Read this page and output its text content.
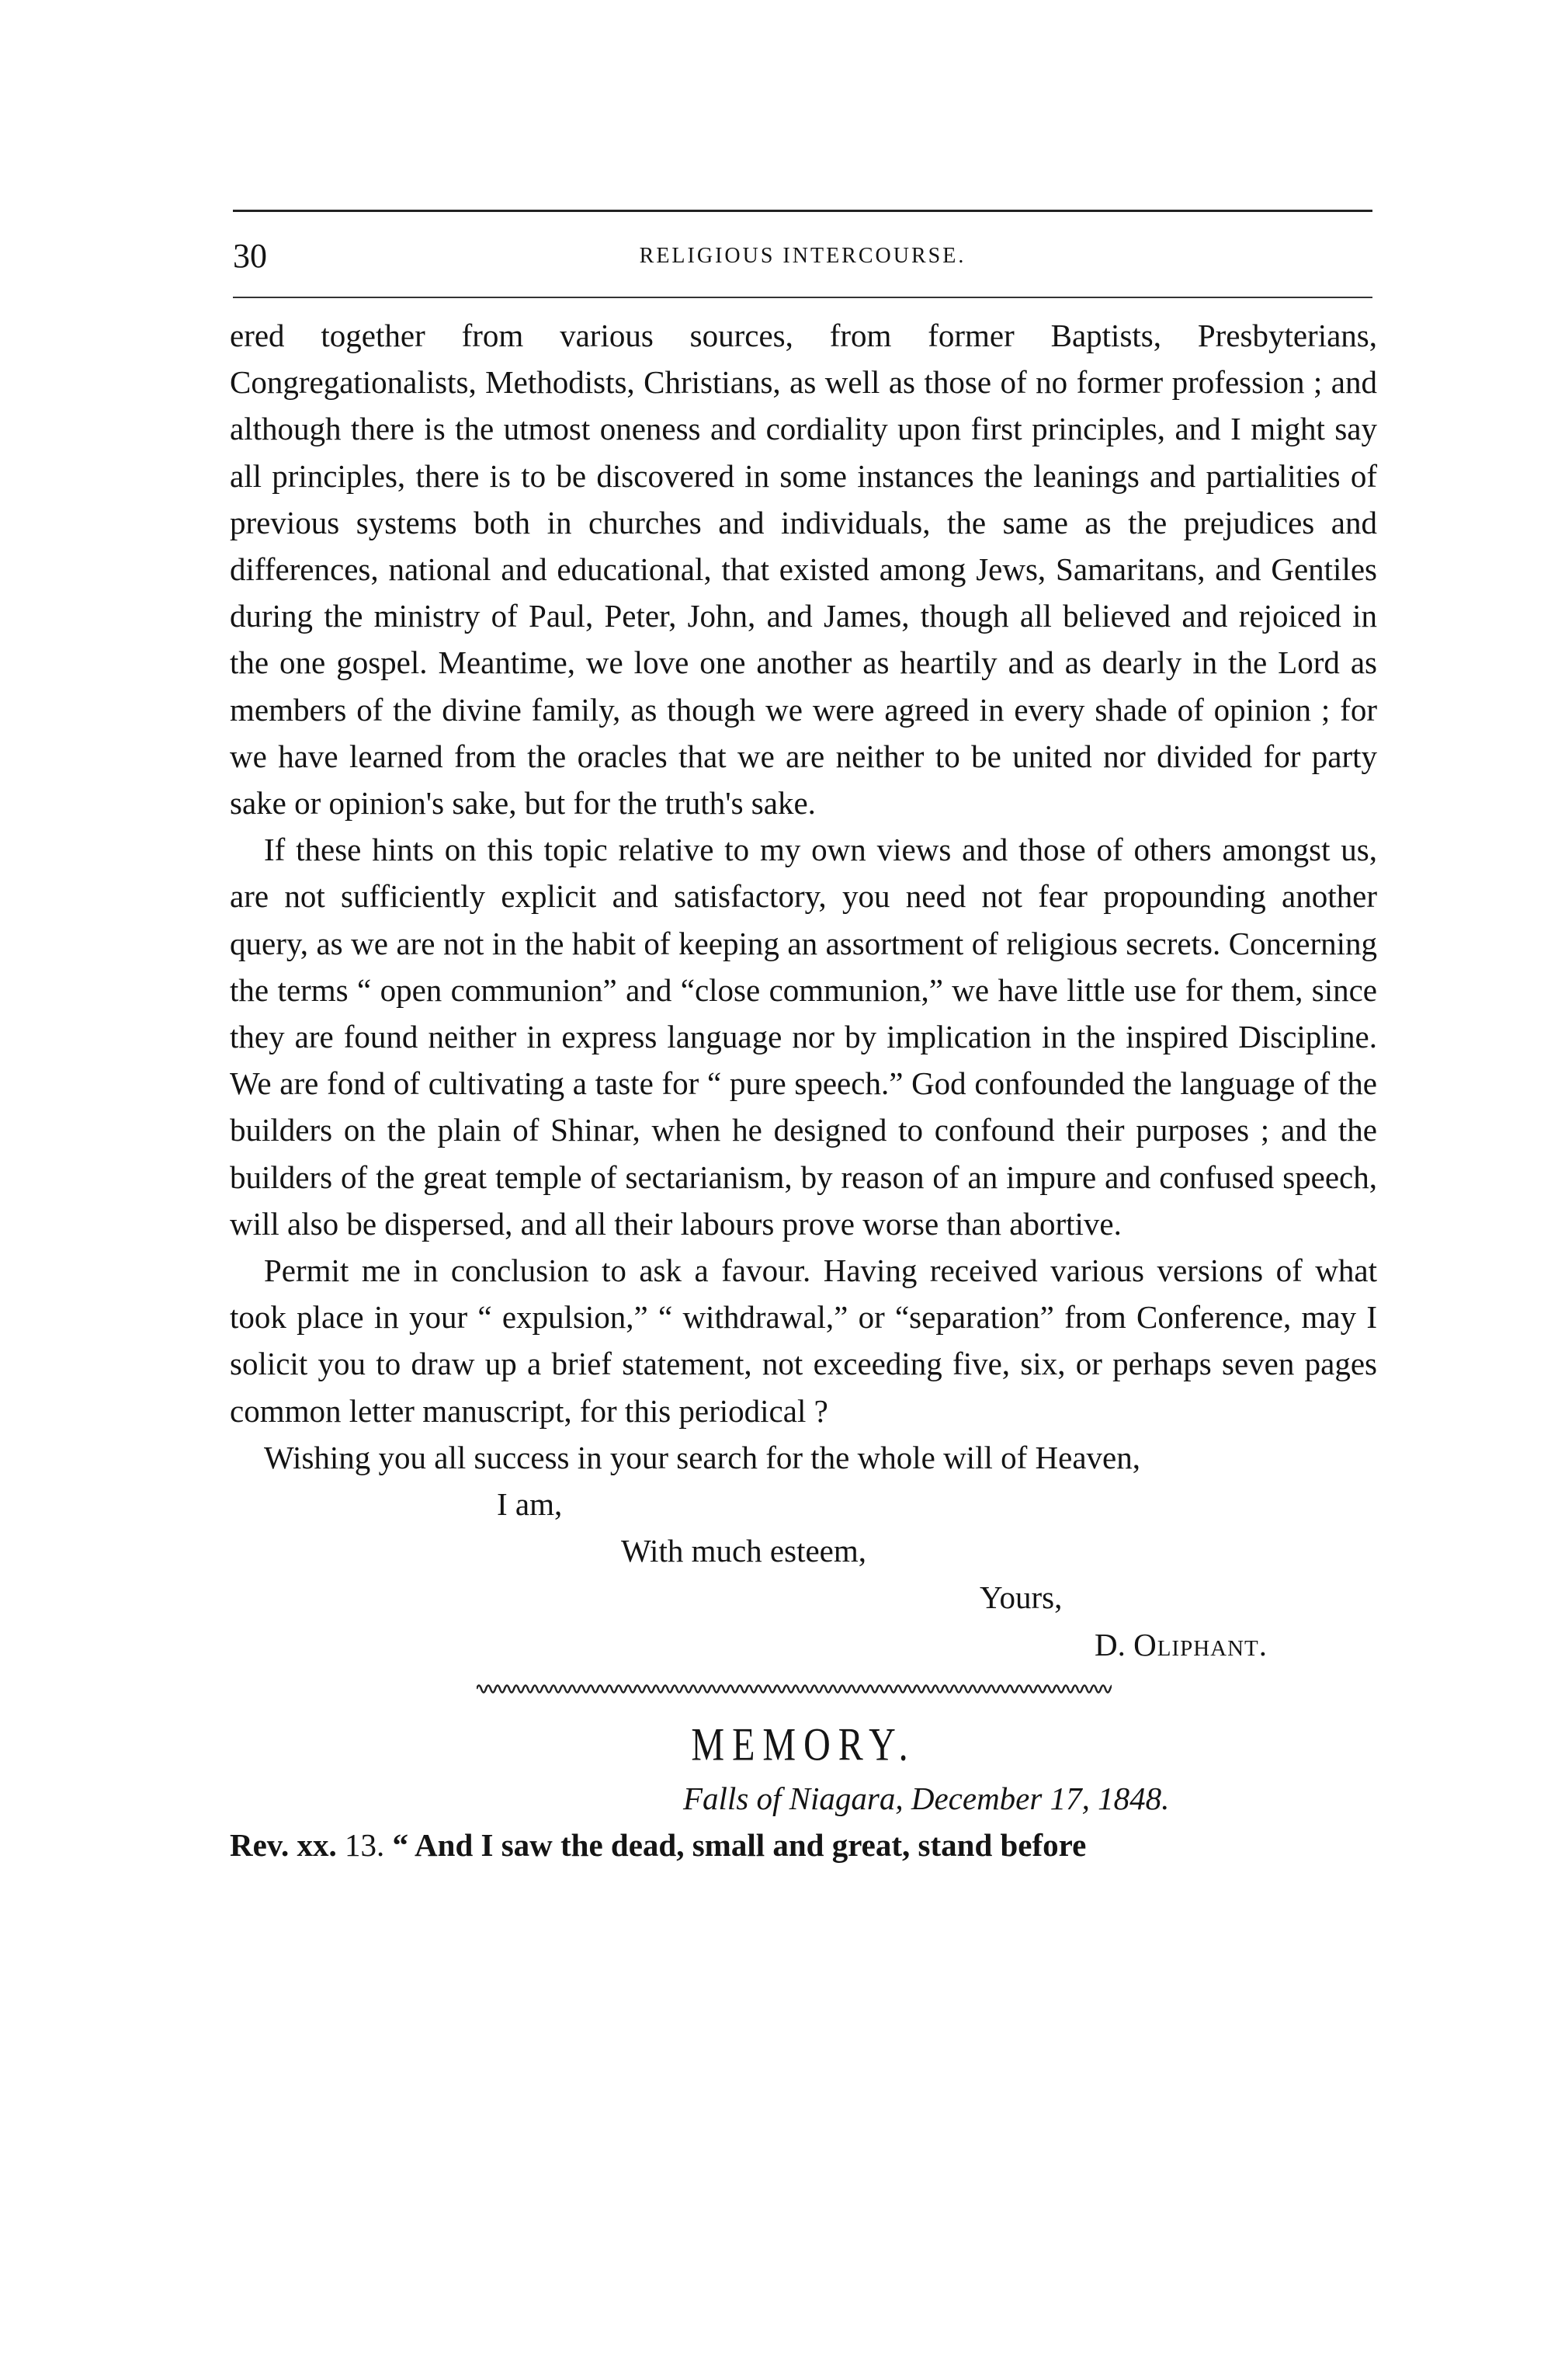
30	RELIGIOUS INTERCOURSE.

ered together from various sources, from former Baptists, Presbyterians, Congregationalists, Methodists, Christians, as well as those of no former profession ; and although there is the utmost oneness and cordiality upon first principles, and I might say all principles, there is to be discovered in some instances the leanings and partialities of previous systems both in churches and individuals, the same as the prejudices and differences, national and educational, that existed among Jews, Samaritans, and Gentiles during the ministry of Paul, Peter, John, and James, though all believed and rejoiced in the one gospel. Meantime, we love one another as heartily and as dearly in the Lord as members of the divine family, as though we were agreed in every shade of opinion ; for we have learned from the oracles that we are neither to be united nor divided for party sake or opinion's sake, but for the truth's sake.

If these hints on this topic relative to my own views and those of others amongst us, are not sufficiently explicit and satisfactory, you need not fear propounding another query, as we are not in the habit of keeping an assortment of religious secrets. Concerning the terms “ open communion” and “close communion,” we have little use for them, since they are found neither in express language nor by implication in the inspired Discipline. We are fond of cultivating a taste for “ pure speech.” God confounded the language of the builders on the plain of Shinar, when he designed to confound their purposes ; and the builders of the great temple of sectarianism, by reason of an impure and confused speech, will also be dispersed, and all their labours prove worse than abortive.

Permit me in conclusion to ask a favour. Having received various versions of what took place in your “ expulsion,” “ withdrawal,” or “separation” from Conference, may I solicit you to draw up a brief statement, not exceeding five, six, or perhaps seven pages common letter manuscript, for this periodical ?

Wishing you all success in your search for the whole will of Heaven,

I am,
With much esteem,
Yours,
D. Oliphant.
MEMORY.
Falls of Niagara, December 17, 1848.
Rev. xx. 13. “ And I saw the dead, small and great, stand before
